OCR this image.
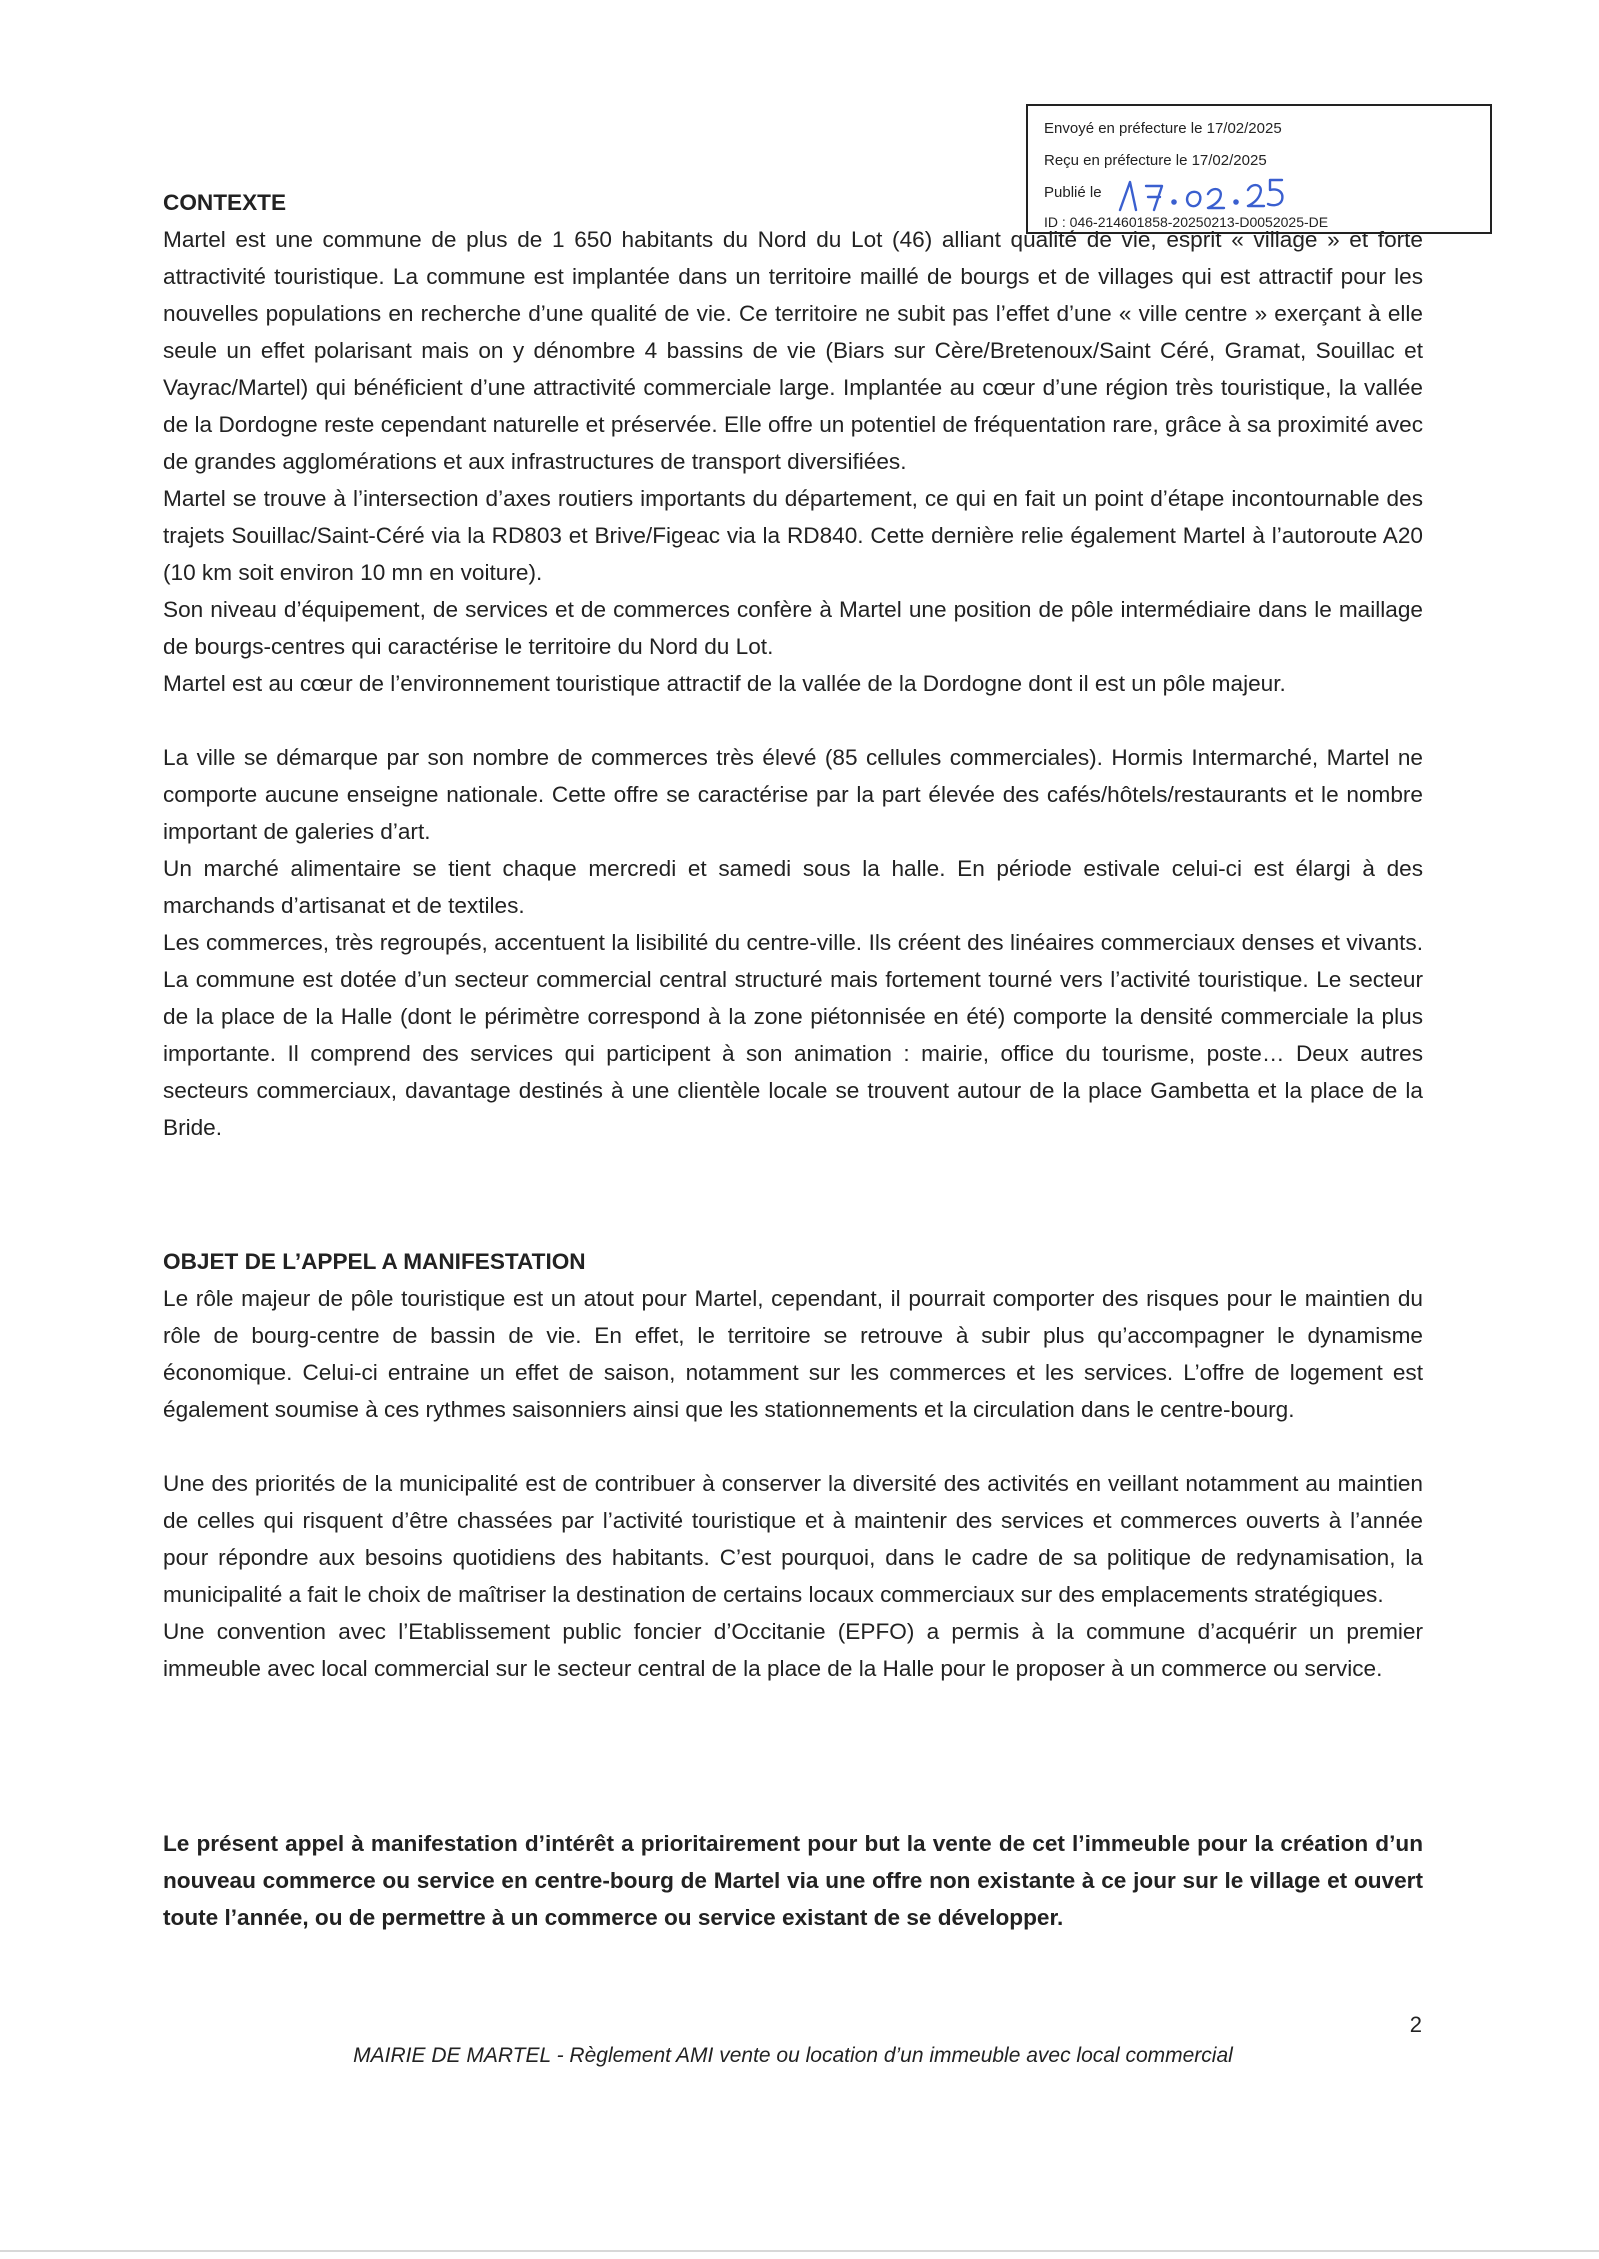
Envoyé en préfecture le 17/02/2025
Reçu en préfecture le 17/02/2025
Publié le
ID : 046-214601858-20250213-D0052025-DE

CONTEXTE

Martel est une commune de plus de 1 650 habitants du Nord du Lot (46) alliant qualité de vie, esprit « village » et forte attractivité touristique. La commune est implantée dans un territoire maillé de bourgs et de villages qui est attractif pour les nouvelles populations en recherche d’une qualité de vie. Ce territoire ne subit pas l’effet d’une « ville centre » exerçant à elle seule un effet polarisant mais on y dénombre 4 bassins de vie (Biars sur Cère/Bretenoux/Saint Céré, Gramat, Souillac et Vayrac/Martel) qui bénéficient d’une attractivité commerciale large. Implantée au cœur d’une région très touristique, la vallée de la Dordogne reste cependant naturelle et préservée. Elle offre un potentiel de fréquentation rare, grâce à sa proximité avec de grandes agglomérations et aux infrastructures de transport diversifiées.

Martel se trouve à l’intersection d’axes routiers importants du département, ce qui en fait un point d’étape incontournable des trajets Souillac/Saint-Céré via la RD803 et Brive/Figeac via la RD840. Cette dernière relie également Martel à l’autoroute A20 (10 km soit environ 10 mn en voiture).

Son niveau d’équipement, de services et de commerces confère à Martel une position de pôle intermédiaire dans le maillage de bourgs-centres qui caractérise le territoire du Nord du Lot.

Martel est au cœur de l’environnement touristique attractif de la vallée de la Dordogne dont il est un pôle majeur.

La ville se démarque par son nombre de commerces très élevé (85 cellules commerciales). Hormis Intermarché, Martel ne comporte aucune enseigne nationale. Cette offre se caractérise par la part élevée des cafés/hôtels/restaurants et le nombre important de galeries d’art.

Un marché alimentaire se tient chaque mercredi et samedi sous la halle. En période estivale celui-ci est élargi à des marchands d’artisanat et de textiles.

Les commerces, très regroupés, accentuent la lisibilité du centre-ville. Ils créent des linéaires commerciaux denses et vivants. La commune est dotée d’un secteur commercial central structuré mais fortement tourné vers l’activité touristique. Le secteur de la place de la Halle (dont le périmètre correspond à la zone piétonnisée en été) comporte la densité commerciale la plus importante. Il comprend des services qui participent à son animation : mairie, office du tourisme, poste… Deux autres secteurs commerciaux, davantage destinés à une clientèle locale se trouvent autour de la place Gambetta et la place de la Bride.

OBJET DE L’APPEL A MANIFESTATION

Le rôle majeur de pôle touristique est un atout pour Martel, cependant, il pourrait comporter des risques pour le maintien du rôle de bourg-centre de bassin de vie. En effet, le territoire se retrouve à subir plus qu’accompagner le dynamisme économique. Celui-ci entraine un effet de saison, notamment sur les commerces et les services. L’offre de logement est également soumise à ces rythmes saisonniers ainsi que les stationnements et la circulation dans le centre-bourg.

Une des priorités de la municipalité est de contribuer à conserver la diversité des activités en veillant notamment au maintien de celles qui risquent d’être chassées par l’activité touristique et à maintenir des services et commerces ouverts à l’année pour répondre aux besoins quotidiens des habitants. C’est pourquoi, dans le cadre de sa politique de redynamisation, la municipalité a fait le choix de maîtriser la destination de certains locaux commerciaux sur des emplacements stratégiques.

Une convention avec l’Etablissement public foncier d’Occitanie (EPFO) a permis à la commune d’acquérir un premier immeuble avec local commercial sur le secteur central de la place de la Halle pour le proposer à un commerce ou service.

Le présent appel à manifestation d’intérêt a prioritairement pour but la vente de cet l’immeuble pour la création d’un nouveau commerce ou service en centre-bourg de Martel via une offre non existante à ce jour sur le village et ouvert toute l’année, ou de permettre à un commerce ou service existant de se développer.

2
MAIRIE DE MARTEL - Règlement AMI vente ou location d’un immeuble avec local commercial
